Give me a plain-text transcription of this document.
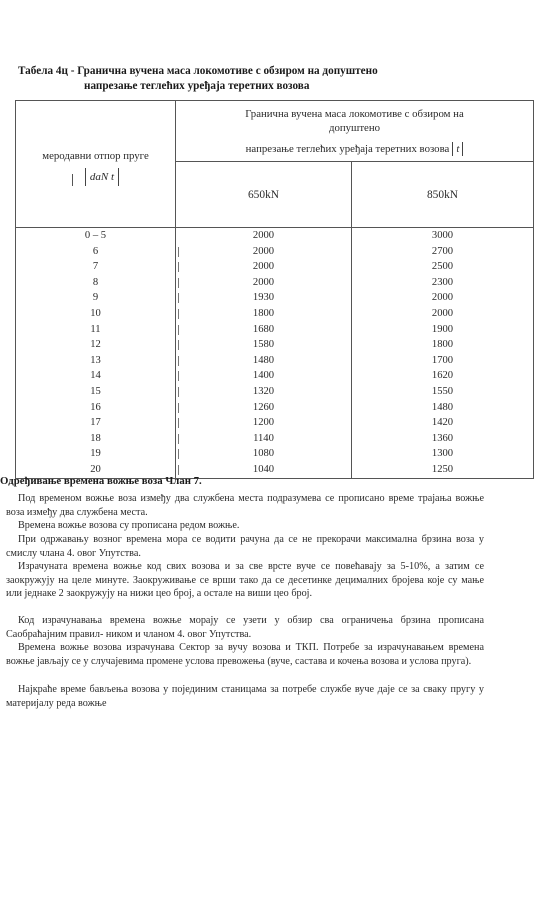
Табела 4ц - Гранична вучена маса локомотиве с обзиром на допуштено
напрезање теглећих уређаја теретних возова
меродавни отпор пруге
daN t	Гранична вучена маса локомотиве с обзиром на
допуштено
напрезање теглећих уређаја теретних возова t	
	650kN	850kN
0 – 5	2000	3000
6	2000	2700
7	2000	2500
8	2000	2300
9	1930	2000
10	1800	2000
11	1680	1900
12	1580	1800
13	1480	1700
14	1400	1620
15	1320	1550
16	1260	1480
17	1200	1420
18	1140	1360
19	1080	1300
20	1040	1250
Одређивање времена вожње воза Члан 7.

Под временом вожње воза између два службена места подразумева се прописано време трајања вожње воза између два службена места.

Времена вожње возова су прописана редом вожње.

При одржавању возног времена мора се водити рачуна да се не прекорачи максимална брзина воза у смислу члана 4. овог Упутства.

Израчуната времена вожње код свих возова и за све врсте вуче се повећавају за 5-10%, а затим се заокружују на целе минуте. Заокруживање се врши тако да се десетинке децималних бројева које су мање или једнаке 2 заокружују на нижи цео број, а остале на виши цео број.

Код израчунавања времена вожње морају се узети у обзир сва ограничења брзина прописана Саобраћајним правил- ником и чланом 4. овог Упутства.

Времена вожње возова израчунава Сектор за вучу возова и ТКП. Потребе за израчунавањем времена вожње јављају се у случајевима промене услова превожења (вуче, састава и кочења возова и услова пруга).

Најкраће време бављења возова у појединим станицама за потребе службе вуче даје се за сваку пругу у материјалу реда вожње
